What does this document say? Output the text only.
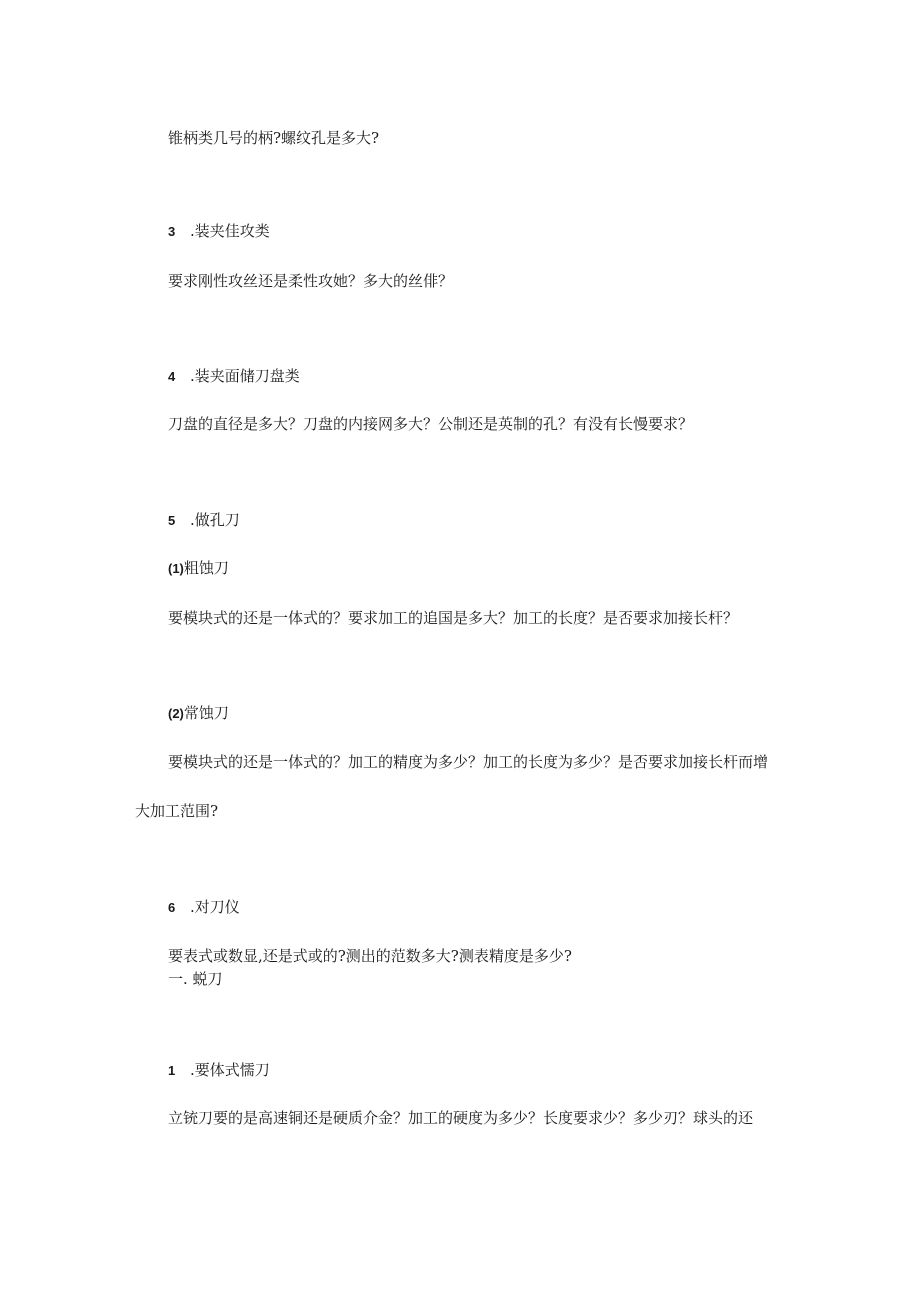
锥柄类几号的柄?螺纹孔是多大?
3 .装夹佳攻类
要求刚性攻丝还是柔性攻她？多大的丝俳？
4 .装夹面储刀盘类
刀盘的直径是多大？刀盘的内接网多大？公制还是英制的孔？有没有长慢要求？
5 .做孔刀
(1)粗蚀刀
要模块式的还是一体式的？要求加工的追国是多大？加工的长度？是否要求加接长杆？
(2)常蚀刀
要模块式的还是一体式的？加工的精度为多少？加工的长度为多少？是否要求加接长杆而增
大加工范围?
6 .对刀仪
要表式或数显,还是式或的?测出的范数多大?测表精度是多少?
一. 蜕刀
1 .要体式懦刀
立铳刀要的是高速铜还是硬质介金？加工的硬度为多少？长度要求少？多少刃？球头的还
